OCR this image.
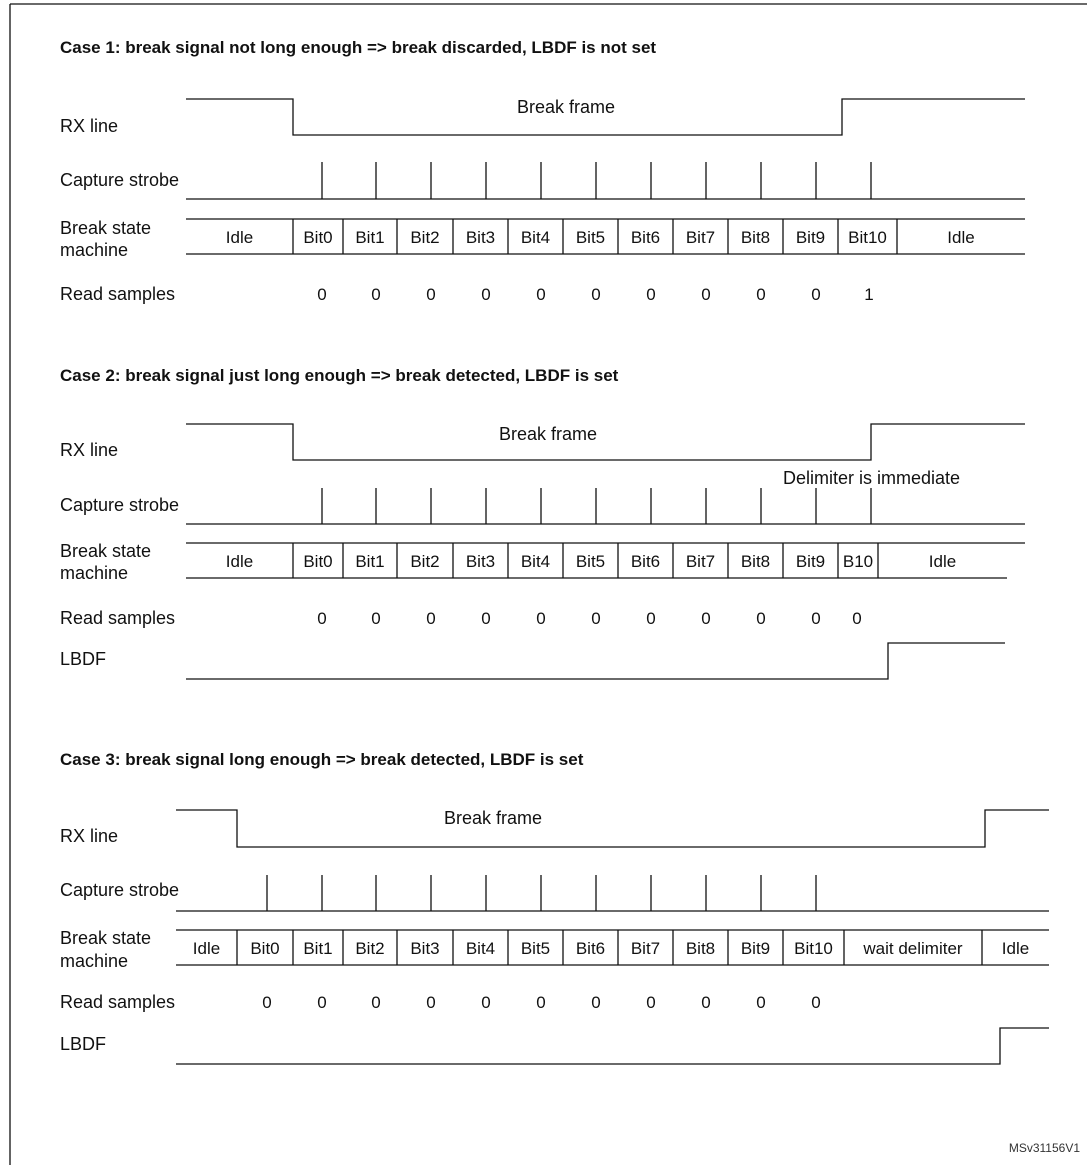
Case 1: break signal not long enough => break discarded, LBDF is not set
RX line
Break frame
Capture strobe
Break state
machine
Idle	Bit0 Bit1 Bit2 Bit3 Bit4 Bit5 Bit6 Bit7 Bit8 Bit9 Bit10	Idle
Read samples	0	0	0	0	0	0	0	0	0	0	1
Case 2: break signal just long enough => break detected, LBDF is set
RX line
Break frame
Delimiter is immediate
Capture strobe
Break state
machine
Idle	Bit0 Bit1 Bit2 Bit3 Bit4 Bit5 Bit6 Bit7 Bit8 Bit9 B10	Idle
Read samples	0	0	0	0	0	0	0	0	0	0 0
LBDF
Case 3: break signal long enough => break detected, LBDF is set
RX line
Break frame
Capture strobe
Break state
machine
Idle Bit0 Bit1 Bit2 Bit3 Bit4 Bit5 Bit6 Bit7 Bit8 Bit9 Bit10 wait delimiter Idle
Read samples	0	0	0	0	0	0	0	0	0	0	0
LBDF
MSv31156V1
